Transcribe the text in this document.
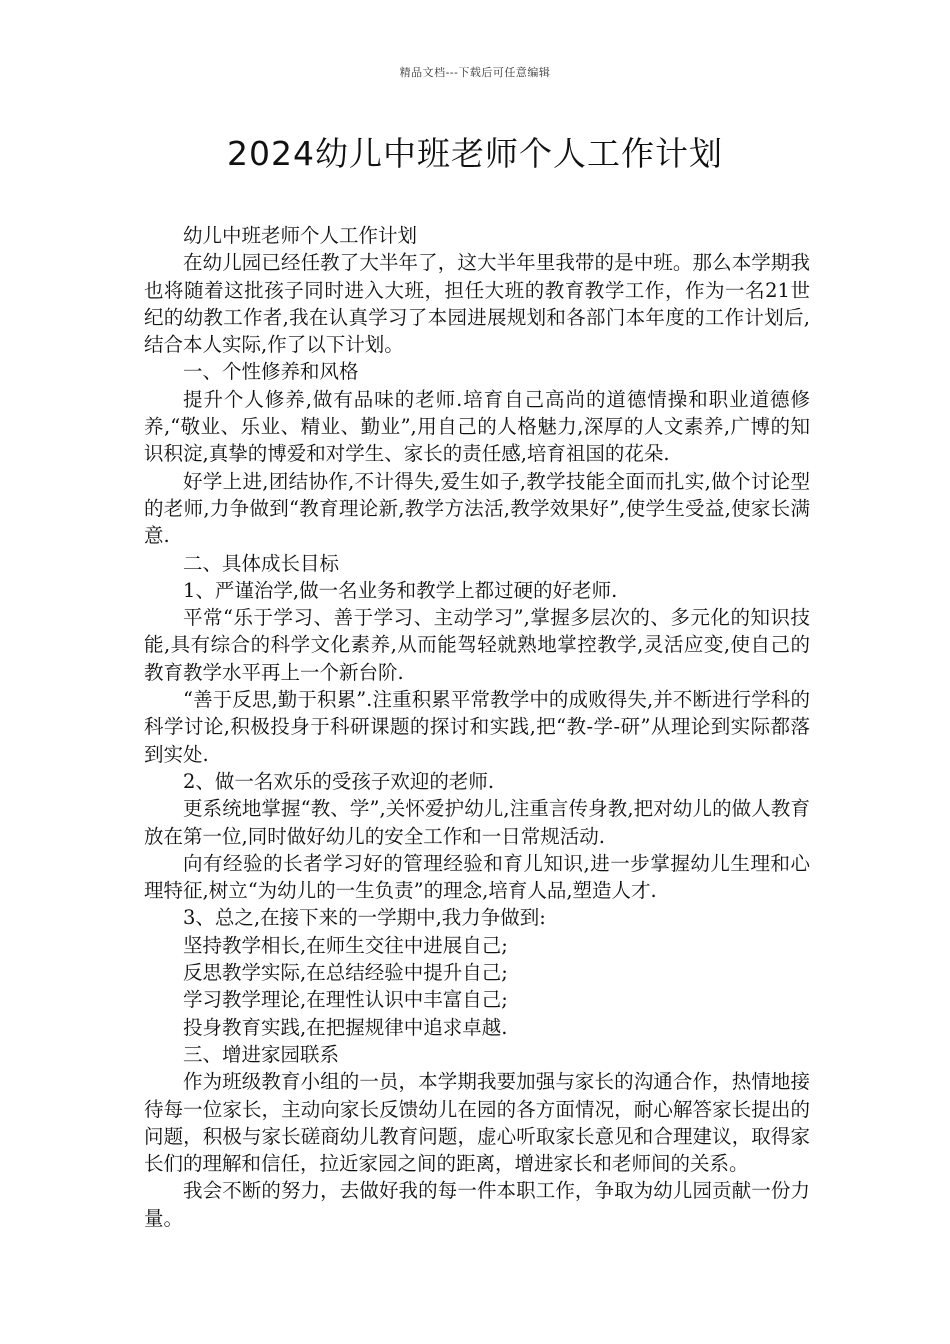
精品文档---下载后可任意编辑
2024幼儿中班老师个人工作计划

幼儿中班老师个人工作计划

在幼儿园已经任教了大半年了，这大半年里我带的是中班。那么本学期我也将随着这批孩子同时进入大班，担任大班的教育教学工作，作为一名21世纪的幼教工作者,我在认真学习了本园进展规划和各部门本年度的工作计划后,结合本人实际,作了以下计划。

一、个性修养和风格

提升个人修养,做有品味的老师.培育自己高尚的道德情操和职业道德修养,“敬业、乐业、精业、勤业”,用自己的人格魅力,深厚的人文素养,广博的知识积淀,真挚的博爱和对学生、家长的责任感,培育祖国的花朵.

好学上进,团结协作,不计得失,爱生如子,教学技能全面而扎实,做个讨论型的老师,力争做到“教育理论新,教学方法活,教学效果好”,使学生受益,使家长满意.

二、具体成长目标

1、严谨治学,做一名业务和教学上都过硬的好老师.

平常“乐于学习、善于学习、主动学习”,掌握多层次的、多元化的知识技能,具有综合的科学文化素养,从而能驾轻就熟地掌控教学,灵活应变,使自己的教育教学水平再上一个新台阶.

“善于反思,勤于积累”.注重积累平常教学中的成败得失,并不断进行学科的科学讨论,积极投身于科研课题的探讨和实践,把“教-学-研”从理论到实际都落到实处.

2、做一名欢乐的受孩子欢迎的老师.

更系统地掌握“教、学”,关怀爱护幼儿,注重言传身教,把对幼儿的做人教育放在第一位,同时做好幼儿的安全工作和一日常规活动.

向有经验的长者学习好的管理经验和育儿知识,进一步掌握幼儿生理和心理特征,树立“为幼儿的一生负责”的理念,培育人品,塑造人才.

3、总之,在接下来的一学期中,我力争做到:

坚持教学相长,在师生交往中进展自己;

反思教学实际,在总结经验中提升自己;

学习教学理论,在理性认识中丰富自己;

投身教育实践,在把握规律中追求卓越.

三、增进家园联系

作为班级教育小组的一员，本学期我要加强与家长的沟通合作，热情地接待每一位家长，主动向家长反馈幼儿在园的各方面情况，耐心解答家长提出的问题，积极与家长磋商幼儿教育问题，虚心听取家长意见和合理建议，取得家长们的理解和信任，拉近家园之间的距离，增进家长和老师间的关系。

我会不断的努力，去做好我的每一件本职工作，争取为幼儿园贡献一份力量。
